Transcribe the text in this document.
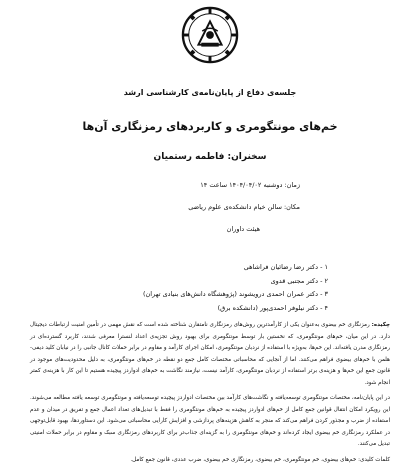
جلسه‌ی دفاع از پایان‌نامه‌ی کارشناسی ارشد
خم‌های مونتگومری و کاربردهای رمزنگاری آن‌ها
سخنران: فاطمه رستمیان
زمان: دوشنبه ۱۴۰۴/۰۴/۰۲ ساعت ۱۴
مکان: سالن خیام دانشکده‌ی علوم ریاضی
هیئت داوران
۱ - دکتر رضا رضائیان فراشاهی
۲ - دکتر مجتبی قدوی
۳ - دکتر عمران احمدی درویشوند (پژوهشگاه دانش‌های بنیادی تهران)
۴ - دکتر نیلوفر احمدی‌پور (دانشکده برق)

چکیده: رمزنگاری خم بیضوی به‌عنوان یکی از کارآمدترین روش‌های رمزنگاری نامتقارن شناخته شده است که نقش مهمی در تأمین امنیت ارتباطات دیجیتال دارد. در این میان، خم‌های مونتگومری، که نخستین بار توسط مونتگومری برای بهبود روش تجزیه‌ی اعداد لنسترا معرفی شدند، کاربرد گسترده‌ای در رمزنگاری مدرن یافته‌اند. این خم‌ها، به‌ویژه با استفاده از نردبان مونتگومری، امکان اجرای کارآمد و مقاوم در برابر حملات کانال جانبی را در نیابان کلید دیفی-هلمن با خم‌های بیضوی فراهم می‌کنند. اما از آنجایی که محاسباتی مختصات کامل جمع دو نقطه در خم‌های مونتگومری، به دلیل محدودیت‌های موجود در قانون جمع این خم‌ها و هزینه‌ی برتر استفاده از نردبان مونتگومری، کارآمد نیست، نیازمند نگاشت به خم‌های ادواردز پیچیده هستیم تا این کار با هزینه‌ی کمتر انجام شود.

در این پایان‌نامه، مختصات مونتگومری توسعه‌یافته و نگاشت‌های کارآمد بین مختصات ادواردز پیچیده توسعه‌یافته و مونتگومری توسعه یافته مطالعه می‌شوند. این رویکرد امکان انتقال قوانین جمع کامل از خم‌های ادواردز پیچیده به خم‌های مونتگومری را فقط با تبدیل‌های تعداد اعمال جمع و تفریق در میدان و عدم استفاده از ضرب و مجذور کردن فراهم می‌کند که منجر به کاهش هزینه‌های پردازشی و افزایش کارایی محاسباتی می‌شود. این دستاوردها، بهبود قابل‌توجهی در عملکرد رمزنگاری خم بیضوی ایجاد کرده‌اند و خم‌های مونتگومری را به گزینه‌ای جذاب‌تر برای کاربردهای رمزنگاری سبک و مقاوم در برابر حملات امنیتی تبدیل می‌کنند.

کلمات کلیدی: خم‌های بیضوی، خم مونتگومری، خم بیضوی، رمزنگاری خم بیضوی، ضرب عددی، قانون جمع کامل.
